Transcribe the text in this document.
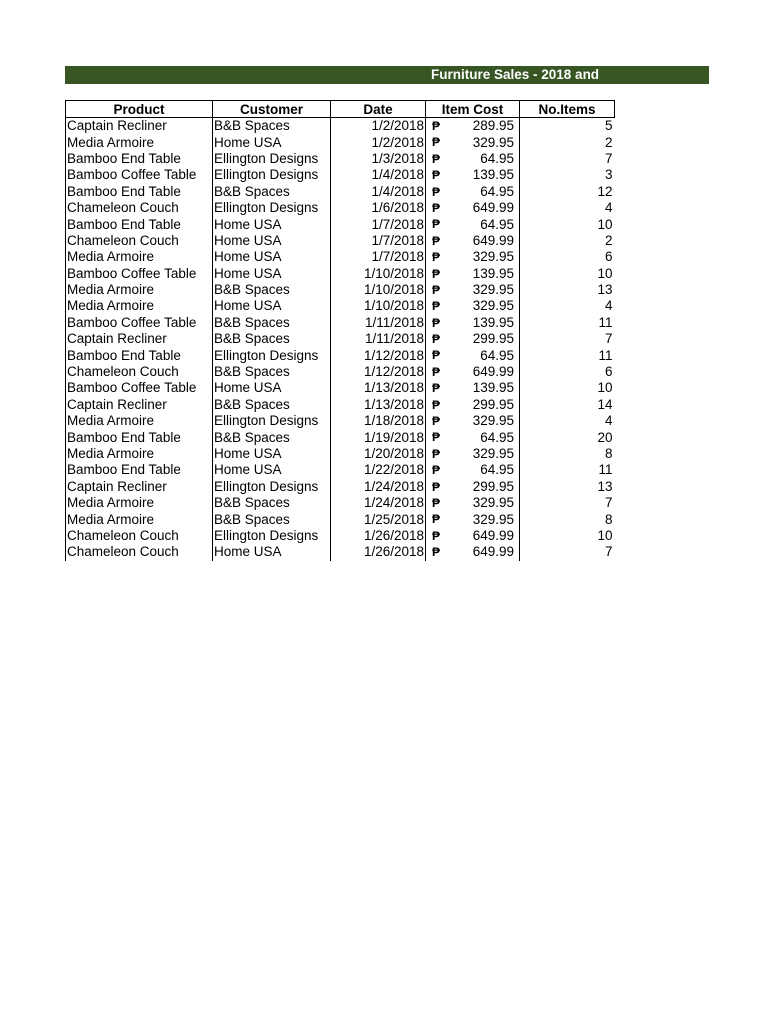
Furniture Sales - 2018 and
Product	Customer	Date	Item Cost	No.Items
Captain Recliner	B&B Spaces	1/2/2018	₱ 289.95	5
Media Armoire	Home USA	1/2/2018	₱ 329.95	2
Bamboo End Table	Ellington Designs	1/3/2018	₱ 64.95	7
Bamboo Coffee Table	Ellington Designs	1/4/2018	₱ 139.95	3
Bamboo End Table	B&B Spaces	1/4/2018	₱ 64.95	12
Chameleon Couch	Ellington Designs	1/6/2018	₱ 649.99	4
Bamboo End Table	Home USA	1/7/2018	₱ 64.95	10
Chameleon Couch	Home USA	1/7/2018	₱ 649.99	2
Media Armoire	Home USA	1/7/2018	₱ 329.95	6
Bamboo Coffee Table	Home USA	1/10/2018	₱ 139.95	10
Media Armoire	B&B Spaces	1/10/2018	₱ 329.95	13
Media Armoire	Home USA	1/10/2018	₱ 329.95	4
Bamboo Coffee Table	B&B Spaces	1/11/2018	₱ 139.95	11
Captain Recliner	B&B Spaces	1/11/2018	₱ 299.95	7
Bamboo End Table	Ellington Designs	1/12/2018	₱ 64.95	11
Chameleon Couch	B&B Spaces	1/12/2018	₱ 649.99	6
Bamboo Coffee Table	Home USA	1/13/2018	₱ 139.95	10
Captain Recliner	B&B Spaces	1/13/2018	₱ 299.95	14
Media Armoire	Ellington Designs	1/18/2018	₱ 329.95	4
Bamboo End Table	B&B Spaces	1/19/2018	₱ 64.95	20
Media Armoire	Home USA	1/20/2018	₱ 329.95	8
Bamboo End Table	Home USA	1/22/2018	₱ 64.95	11
Captain Recliner	Ellington Designs	1/24/2018	₱ 299.95	13
Media Armoire	B&B Spaces	1/24/2018	₱ 329.95	7
Media Armoire	B&B Spaces	1/25/2018	₱ 329.95	8
Chameleon Couch	Ellington Designs	1/26/2018	₱ 649.99	10
Chameleon Couch	Home USA	1/26/2018	₱ 649.99	7
